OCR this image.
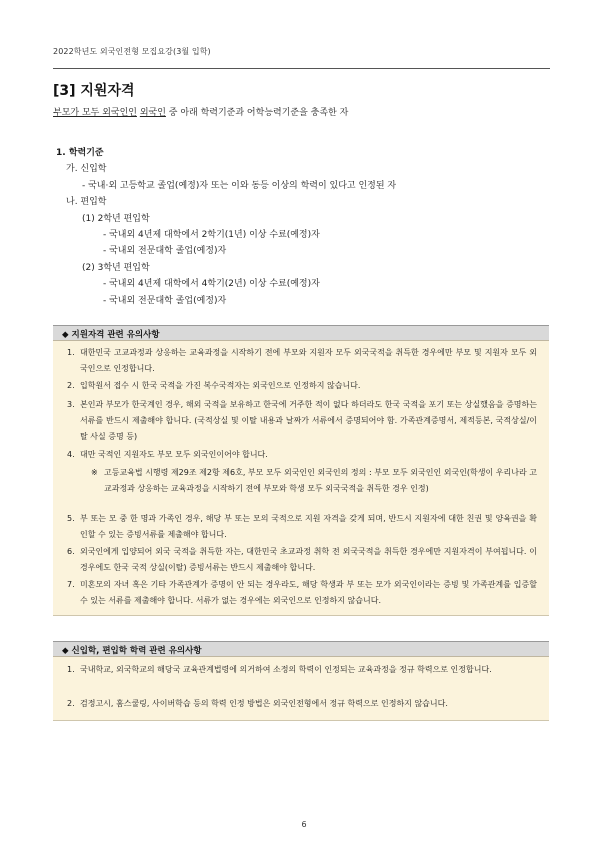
2022학년도 외국인전형 모집요강(3월 입학)
[3] 지원자격
부모가 모두 외국인인 외국인 중 아래 학력기준과 어학능력기준을 충족한 자
1. 학력기준
가. 신입학
- 국내·외 고등학교 졸업(예정)자 또는 이와 동등 이상의 학력이 있다고 인정된 자
나. 편입학
(1) 2학년 편입학
- 국내외 4년제 대학에서 2학기(1년) 이상 수료(예정)자
- 국내외 전문대학 졸업(예정)자
(2) 3학년 편입학
- 국내외 4년제 대학에서 4학기(2년) 이상 수료(예정)자
- 국내외 전문대학 졸업(예정)자
◆ 지원자격 관련 유의사항
1. 대한민국 고교과정과 상응하는 교육과정을 시작하기 전에 부모와 지원자 모두 외국국적을 취득한 경우에만 부모 및 지원자 모두 외국인으로 인정합니다.
2. 입학원서 접수 시 한국 국적을 가진 복수국적자는 외국인으로 인정하지 않습니다.
3. 본인과 부모가 한국계인 경우, 해외 국적을 보유하고 한국에 거주한 적이 없다 하더라도 한국 국적을 포기 또는 상실했음을 증명하는 서류를 반드시 제출해야 합니다. (국적상실 및 이탈 내용과 날짜가 서류에서 증명되어야 함. 가족관계증명서, 제적등본, 국적상실/이탈 사실 증명 등)
4. 대만 국적인 지원자도 부모 모두 외국인이어야 합니다.
※ 고등교육법 시행령 제29조 제2항 제6호, 부모 모두 외국인인 외국인의 정의 : 부모 모두 외국인인 외국인(학생이 우리나라 고교과정과 상응하는 교육과정을 시작하기 전에 부모와 학생 모두 외국국적을 취득한 경우 인정)
5. 부 또는 모 중 한 명과 가족인 경우, 해당 부 또는 모의 국적으로 지원 자격을 갖게 되며, 반드시 지원자에 대한 친권 및 양육권을 확인할 수 있는 증빙서류를 제출해야 합니다.
6. 외국인에게 입양되어 외국 국적을 취득한 자는, 대한민국 초교과정 취학 전 외국국적을 취득한 경우에만 지원자격이 부여됩니다. 이 경우에도 한국 국적 상실(이탈) 증빙서류는 반드시 제출해야 합니다.
7. 미혼모의 자녀 혹은 기타 가족관계가 증명이 안 되는 경우라도, 해당 학생과 부 또는 모가 외국인이라는 증빙 및 가족관계를 입증할 수 있는 서류를 제출해야 합니다. 서류가 없는 경우에는 외국인으로 인정하지 않습니다.
◆ 신입학, 편입학 학력 관련 유의사항
1. 국내학교, 외국학교의 해당국 교육관계법령에 의거하여 소정의 학력이 인정되는 교육과정을 정규 학력으로 인정합니다.
2. 검정고시, 홈스쿨링, 사이버학습 등의 학력 인정 방법은 외국인전형에서 정규 학력으로 인정하지 않습니다.
6
